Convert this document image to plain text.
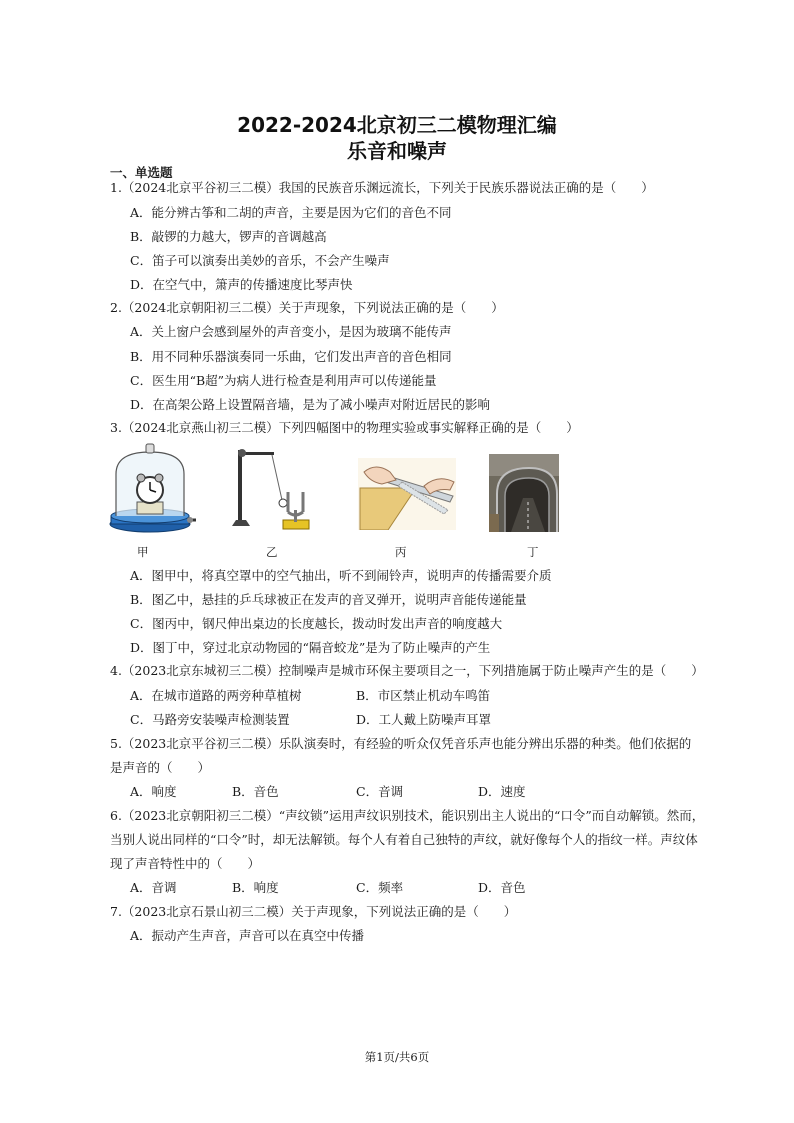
2022-2024北京初三二模物理汇编
乐音和噪声
一、单选题
1.（2024北京平谷初三二模）我国的民族音乐渊远流长，下列关于民族乐器说法正确的是（　　）
A．能分辨古筝和二胡的声音，主要是因为它们的音色不同
B．敲锣的力越大，锣声的音调越高
C．笛子可以演奏出美妙的音乐，不会产生噪声
D．在空气中，箫声的传播速度比琴声快
2.（2024北京朝阳初三二模）关于声现象，下列说法正确的是（　　）
A．关上窗户会感到屋外的声音变小，是因为玻璃不能传声
B．用不同种乐器演奏同一乐曲，它们发出声音的音色相同
C．医生用“B超”为病人进行检查是利用声可以传递能量
D．在高架公路上设置隔音墙，是为了减小噪声对附近居民的影响
3.（2024北京燕山初三二模）下列四幅图中的物理实验或事实解释正确的是（　　）
甲	乙	丙	丁
A．图甲中，将真空罩中的空气抽出，听不到闹铃声，说明声的传播需要介质
B．图乙中，悬挂的乒乓球被正在发声的音叉弹开，说明声音能传递能量
C．图丙中，钢尺伸出桌边的长度越长，拨动时发出声音的响度越大
D．图丁中，穿过北京动物园的“隔音蛟龙”是为了防止噪声的产生
4.（2023北京东城初三二模）控制噪声是城市环保主要项目之一，下列措施属于防止噪声产生的是（　　）
A．在城市道路的两旁种草植树	B．市区禁止机动车鸣笛
C．马路旁安装噪声检测装置	D．工人戴上防噪声耳罩
5.（2023北京平谷初三二模）乐队演奏时，有经验的听众仅凭音乐声也能分辨出乐器的种类。他们依据的
是声音的（　　）
A．响度	B．音色	C．音调	D．速度
6.（2023北京朝阳初三二模）“声纹锁”运用声纹识别技术，能识别出主人说出的“口令”而自动解锁。然而，
当别人说出同样的“口令”时，却无法解锁。每个人有着自己独特的声纹，就好像每个人的指纹一样。声纹体
现了声音特性中的（　　）
A．音调	B．响度	C．频率	D．音色
7.（2023北京石景山初三二模）关于声现象，下列说法正确的是（　　）
A．振动产生声音，声音可以在真空中传播
第1页/共6页
